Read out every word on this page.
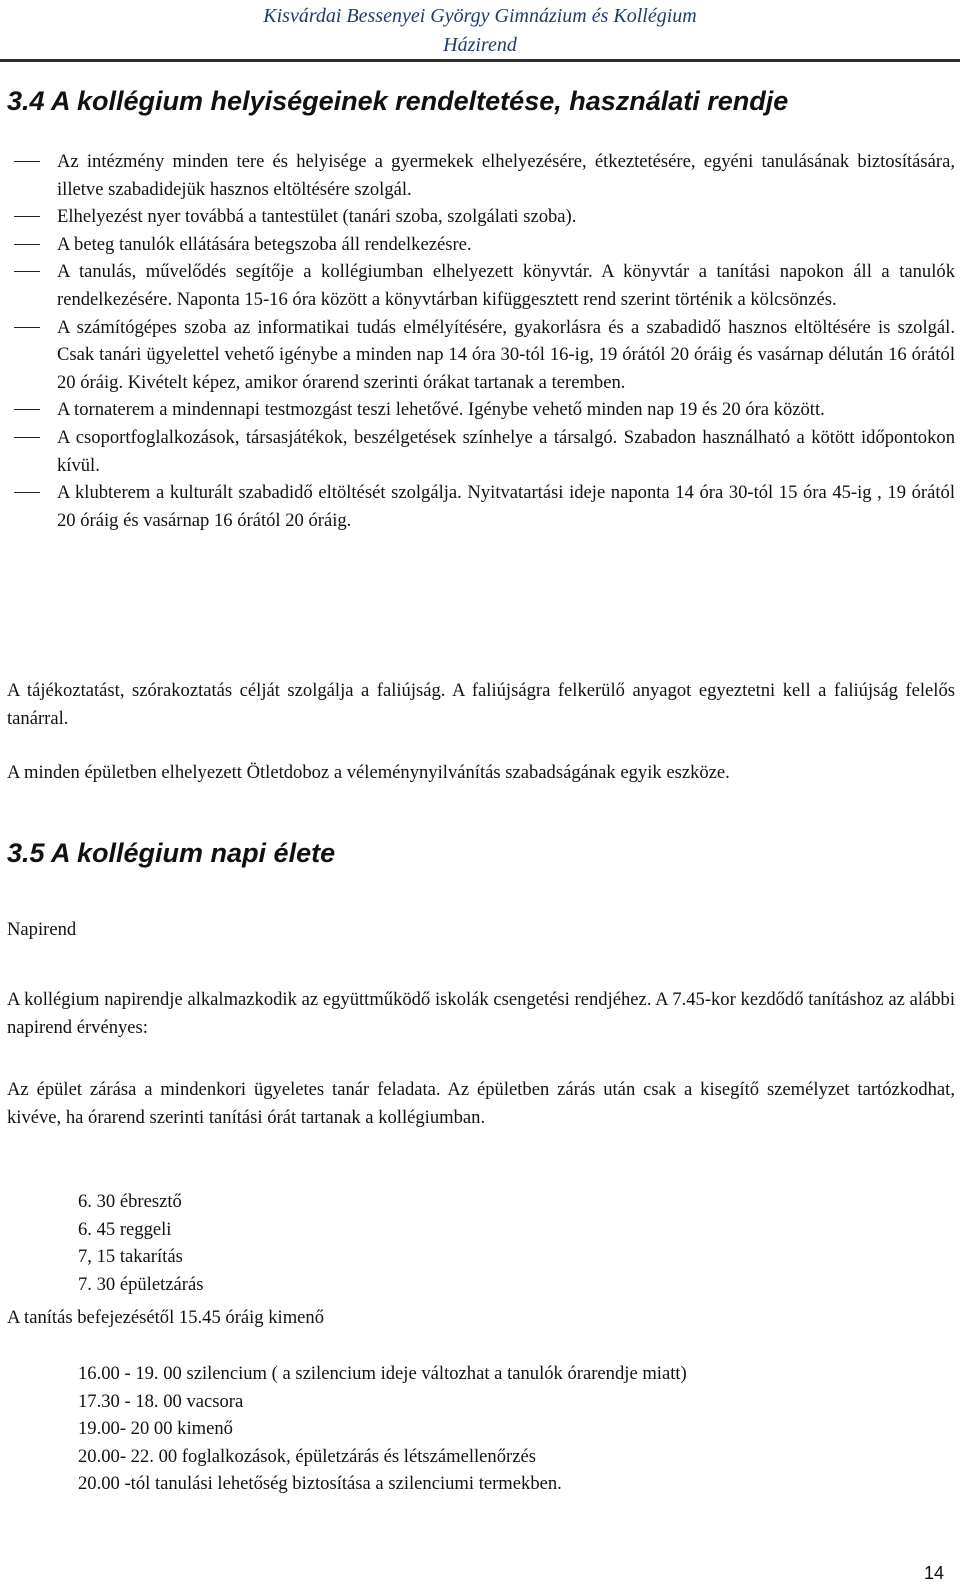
Kisvárdai Bessenyei György Gimnázium és Kollégium
Házirend
3.4 A kollégium helyiségeinek rendeltetése, használati rendje
Az intézmény minden tere és helyisége a gyermekek elhelyezésére, étkeztetésére, egyéni tanulásának biztosítására, illetve szabadidejük hasznos eltöltésére szolgál.
Elhelyezést nyer továbbá a tantestület (tanári szoba, szolgálati szoba).
A beteg tanulók ellátására betegszoba áll rendelkezésre.
A tanulás, művelődés segítője a kollégiumban elhelyezett könyvtár. A könyvtár a tanítási napokon áll a tanulók rendelkezésére. Naponta 15-16 óra között a könyvtárban kifüggesztett rend szerint történik a kölcsönzés.
A számítógépes szoba az informatikai tudás elmélyítésére, gyakorlásra és a szabadidő hasznos eltöltésére is szolgál. Csak tanári ügyelettel vehető igénybe a minden nap 14 óra 30-tól 16-ig, 19 órától 20 óráig és vasárnap délután 16 órától 20 óráig. Kivételt képez, amikor órarend szerinti órákat tartanak a teremben.
A tornaterem a mindennapi testmozgást teszi lehetővé. Igénybe vehető minden nap 19 és 20 óra között.
A csoportfoglalkozások, társasjátékok, beszélgetések színhelye a társalgó. Szabadon használható a kötött időpontokon kívül.
A klubterem a kulturált szabadidő eltöltését szolgálja. Nyitvatartási ideje naponta 14 óra 30-tól 15 óra 45-ig , 19 órától 20 óráig és vasárnap 16 órától 20 óráig.
A tájékoztatást, szórakoztatás célját szolgálja a faliújság. A faliújságra felkerülő anyagot egyeztetni kell a faliújság felelős tanárral.
A minden épületben elhelyezett Ötletdoboz a véleménynyilvánítás szabadságának egyik eszköze.
3.5 A kollégium napi élete
Napirend
A kollégium napirendje alkalmazkodik az együttműködő iskolák csengetési rendjéhez. A 7.45-kor kezdődő tanításhoz az alábbi napirend érvényes:
Az épület zárása a mindenkori ügyeletes tanár feladata. Az épületben zárás után csak a kisegítő személyzet tartózkodhat, kivéve, ha órarend szerinti tanítási órát tartanak a kollégiumban.
6. 30 ébresztő
6. 45 reggeli
7, 15 takarítás
7. 30 épületzárás
A tanítás befejezésétől 15.45 óráig kimenő
16.00 - 19. 00 szilencium ( a szilencium ideje változhat a tanulók órarendje miatt)
17.30 - 18. 00 vacsora
19.00- 20 00 kimenő
20.00- 22. 00 foglalkozások, épületzárás és létszámellenőrzés
20.00 -tól tanulási lehetőség biztosítása a szilenciumi termekben.
14
